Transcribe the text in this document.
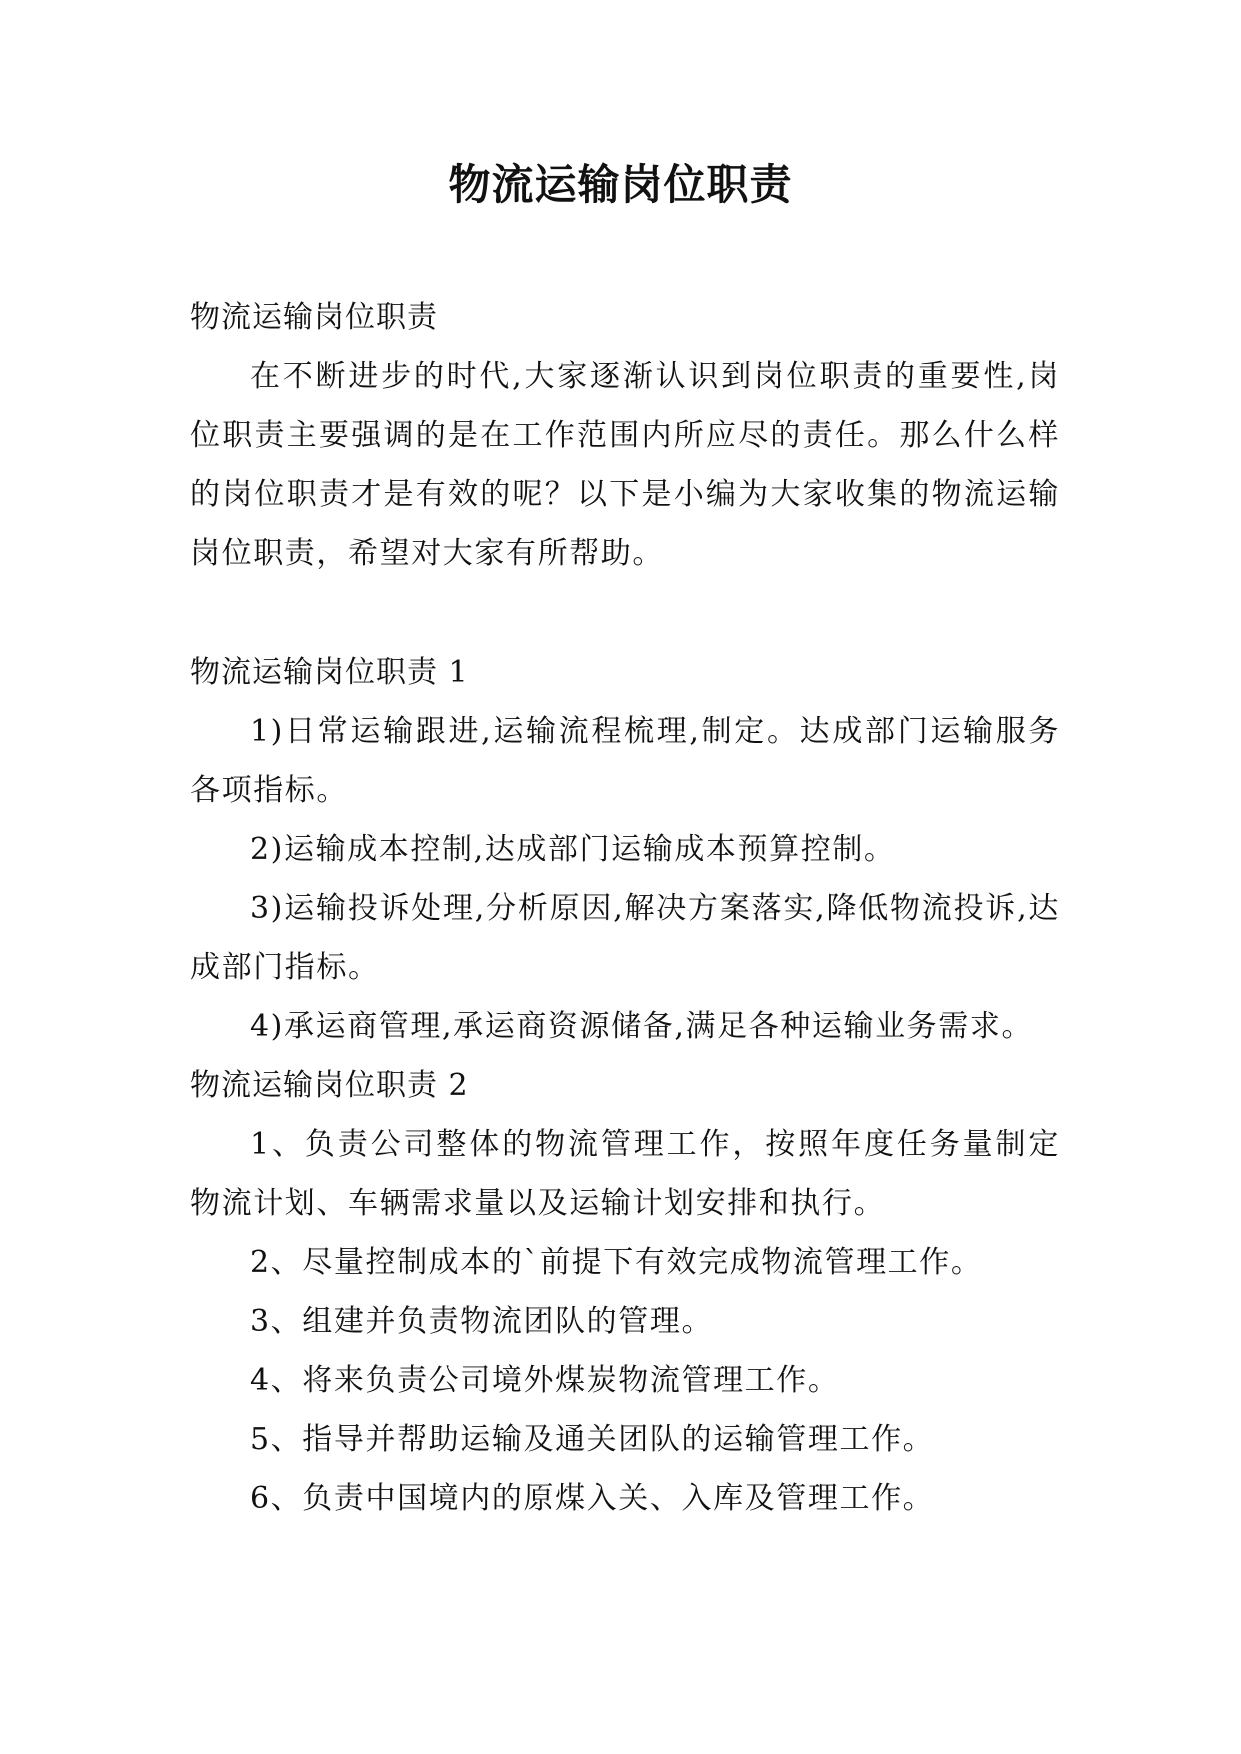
物流运输岗位职责

物流运输岗位职责

在不断进步的时代,大家逐渐认识到岗位职责的重要性,岗位职责主要强调的是在工作范围内所应尽的责任。那么什么样的岗位职责才是有效的呢？以下是小编为大家收集的物流运输岗位职责，希望对大家有所帮助。

物流运输岗位职责 1

1)日常运输跟进,运输流程梳理,制定。达成部门运输服务各项指标。

2)运输成本控制,达成部门运输成本预算控制。

3)运输投诉处理,分析原因,解决方案落实,降低物流投诉,达成部门指标。

4)承运商管理,承运商资源储备,满足各种运输业务需求。

物流运输岗位职责 2

1、负责公司整体的物流管理工作，按照年度任务量制定物流计划、车辆需求量以及运输计划安排和执行。

2、尽量控制成本的`前提下有效完成物流管理工作。

3、组建并负责物流团队的管理。

4、将来负责公司境外煤炭物流管理工作。

5、指导并帮助运输及通关团队的运输管理工作。

6、负责中国境内的原煤入关、入库及管理工作。
